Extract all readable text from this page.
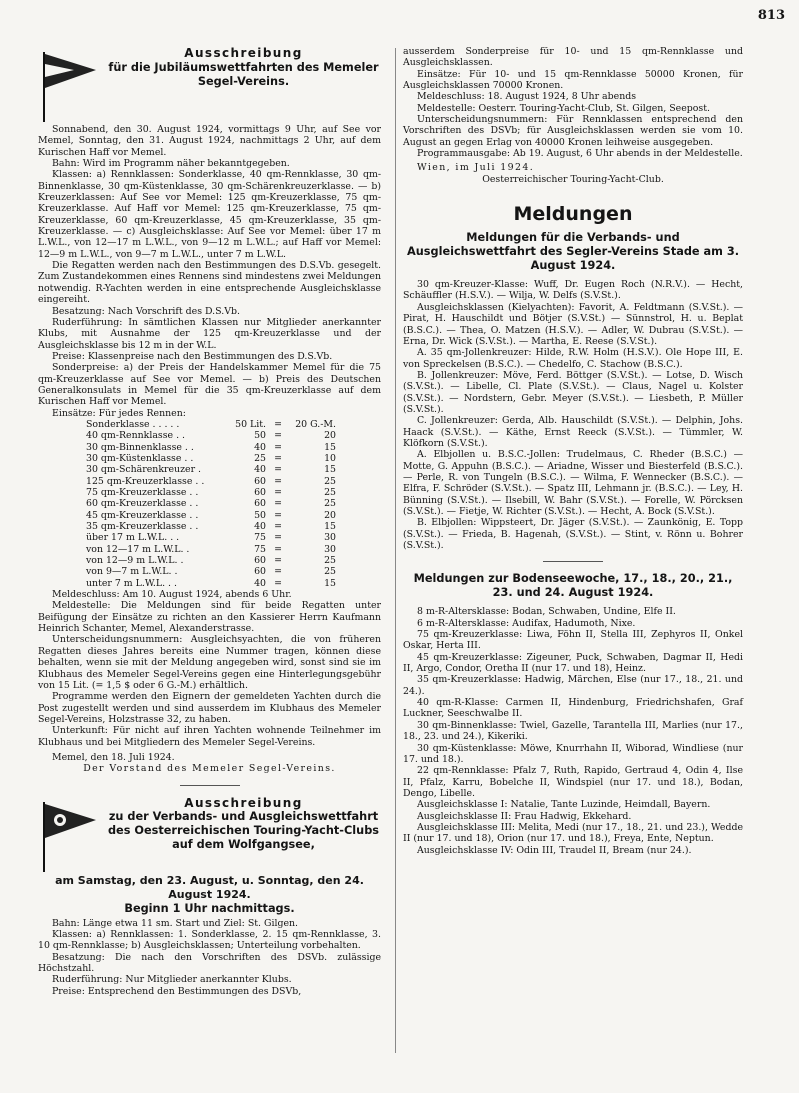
813
Ausschreibung
für die Jubiläumswettfahrten des Memeler Segel-Vereins.

Sonnabend, den 30. August 1924, vormittags 9 Uhr, auf See vor Memel, Sonntag, den 31. August 1924, nachmittags 2 Uhr, auf dem Kurischen Haff vor Memel.

Bahn: Wird im Programm näher bekanntgegeben.

Klassen: a) Rennklassen: Sonderklasse, 40 qm-Rennklasse, 30 qm-Binnenklasse, 30 qm-Küstenklasse, 30 qm-Schärenkreuzerklasse. — b) Kreuzerklassen: Auf See vor Memel: 125 qm-Kreuzerklasse, 75 qm-Kreuzerklasse. Auf Haff vor Memel: 125 qm-Kreuzerklasse, 75 qm-Kreuzerklasse, 60 qm-Kreuzerklasse, 45 qm-Kreuzerklasse, 35 qm-Kreuzerklasse. — c) Ausgleichsklasse: Auf See vor Memel: über 17 m L.W.L., von 12—17 m L.W.L., von 9—12 m L.W.L.; auf Haff vor Memel: 12—9 m L.W.L., von 9—7 m L.W.L., unter 7 m L.W.L.

Die Regatten werden nach den Bestimmungen des D.S.Vb. gesegelt. Zum Zustandekommen eines Rennens sind mindestens zwei Meldungen notwendig. R-Yachten werden in eine entsprechende Ausgleichsklasse eingereiht.

Besatzung: Nach Vorschrift des D.S.Vb.

Ruderführung: In sämtlichen Klassen nur Mitglieder anerkannter Klubs, mit Ausnahme der 125 qm-Kreuzerklasse und der Ausgleichsklasse bis 12 m in der W.L.

Preise: Klassenpreise nach den Bestimmungen des D.S.Vb.

Sonderpreise: a) der Preis der Handelskammer Memel für die 75 qm-Kreuzerklasse auf See vor Memel. — b) Preis des Deutschen Generalkonsulats in Memel für die 35 qm-Kreuzerklasse auf dem Kurischen Haff vor Memel.

Einsätze: Für jedes Rennen:

Sonderklasse . . . . .	50 Lit. =	20 G.-M.
40 qm-Rennklasse . .	50 =	20
30 qm-Binnenklasse . .	40 =	15
30 qm-Küstenklasse . .	25 =	10
30 qm-Schärenkreuzer .	40 =	15
125 qm-Kreuzerklasse . .	60 =	25
75 qm-Kreuzerklasse . .	60 =	25
60 qm-Kreuzerklasse . .	60 =	25
45 qm-Kreuzerklasse . .	50 =	20
35 qm-Kreuzerklasse . .	40 =	15
über 17 m L.W.L. . .	75 =	30
von 12—17 m L.W.L. .	75 =	30
von 12—9 m L.W.L. .	60 =	25
von 9—7 m L.W.L. .	60 =	25
unter 7 m L.W.L. . .	40 =	15

Meldeschluss: Am 10. August 1924, abends 6 Uhr.

Meldestelle: Die Meldungen sind für beide Regatten unter Beifügung der Einsätze zu richten an den Kassierer Herrn Kaufmann Heinrich Schanter, Memel, Alexanderstrasse.

Unterscheidungsnummern: Ausgleichsyachten, die von früheren Regatten dieses Jahres bereits eine Nummer tragen, können diese behalten, wenn sie mit der Meldung angegeben wird, sonst sind sie im Klubhaus des Memeler Segel-Vereins gegen eine Hinterlegungsgebühr von 15 Lit. (= 1,5 $ oder 6 G.-M.) erhältlich.

Programme werden den Eignern der gemeldeten Yachten durch die Post zugestellt werden und sind ausserdem im Klubhaus des Memeler Segel-Vereins, Holzstrasse 32, zu haben.

Unterkunft: Für nicht auf ihren Yachten wohnende Teilnehmer im Klubhaus und bei Mitgliedern des Memeler Segel-Vereins.

Memel, den 18. Juli 1924.

Der Vorstand des Memeler Segel-Vereins.

Ausschreibung
zu der Verbands- und Ausgleichswettfahrt des Oesterreichischen Touring-Yacht-Clubs auf dem Wolfgangsee,
am Samstag, den 23. August, u. Sonntag, den 24. August 1924.
Beginn 1 Uhr nachmittags.

Bahn: Länge etwa 11 sm. Start und Ziel: St. Gilgen.

Klassen: a) Rennklassen: 1. Sonderklasse, 2. 15 qm-Rennklasse, 3. 10 qm-Rennklasse; b) Ausgleichsklassen; Unterteilung vorbehalten.

Besatzung: Die nach den Vorschriften des DSVb. zulässige Höchstzahl.

Ruderführung: Nur Mitglieder anerkannter Klubs.

Preise: Entsprechend den Bestimmungen des DSVb,

ausserdem Sonderpreise für 10- und 15 qm-Rennklasse und Ausgleichsklassen.

Einsätze: Für 10- und 15 qm-Rennklasse 50000 Kronen, für Ausgleichsklassen 70000 Kronen.

Meldeschluss: 18. August 1924, 8 Uhr abends

Meldestelle: Oesterr. Touring-Yacht-Club, St. Gilgen, Seepost.

Unterscheidungsnummern: Für Rennklassen entsprechend den Vorschriften des DSVb; für Ausgleichsklassen werden sie vom 10. August an gegen Erlag von 40000 Kronen leihweise ausgegeben.

Programmausgabe: Ab 19. August, 6 Uhr abends in der Meldestelle.

Wien, im Juli 1924.

Oesterreichischer Touring-Yacht-Club.

Meldungen
Meldungen für die Verbands- und Ausgleichswettfahrt des Segler-Vereins Stade am 3. August 1924.

30 qm-Kreuzer-Klasse: Wuff, Dr. Eugen Roch (N.R.V.). — Hecht, Schäuffler (H.S.V.). — Wilja, W. Delfs (S.V.St.).

Ausgleichsklassen (Kielyachten): Favorit, A. Feldtmann (S.V.St.). — Pirat, H. Hauschildt und Bötjer (S.V.St.) — Sünnstrol, H. u. Beplat (B.S.C.). — Thea, O. Matzen (H.S.V.). — Adler, W. Dubrau (S.V.St.). — Erna, Dr. Wick (S.V.St.). — Martha, E. Reese (S.V.St.).

A. 35 qm-Jollenkreuzer: Hilde, R.W. Holm (H.S.V.). Ole Hope III, E. von Spreckelsen (B.S.C.). — Chedelfo, C. Stachow (B.S.C.).

B. Jollenkreuzer: Möve, Ferd. Böttger (S.V.St.). — Lotse, D. Wisch (S.V.St.). — Libelle, Cl. Plate (S.V.St.). — Claus, Nagel u. Kolster (S.V.St.). — Nordstern, Gebr. Meyer (S.V.St.). — Liesbeth, P. Müller (S.V.St.).

C. Jollenkreuzer: Gerda, Alb. Hauschildt (S.V.St.). — Delphin, Johs. Haack (S.V.St.). — Käthe, Ernst Reeck (S.V.St.). — Tümmler, W. Klöfkorn (S.V.St.).

A. Elbjollen u. B.S.C.-Jollen: Trudelmaus, C. Rheder (B.S.C.) — Motte, G. Appuhn (B.S.C.). — Ariadne, Wisser und Biesterfeld (B.S.C.). — Perle, R. von Tungeln (B.S.C.). — Wilma, F. Wennecker (B.S.C.). — Elfra, F. Schröder (S.V.St.). — Spatz III, Lehmann jr. (B.S.C.). — Ley, H. Bünning (S.V.St.). — Ilsebill, W. Bahr (S.V.St.). — Forelle, W. Pörcksen (S.V.St.). — Fietje, W. Richter (S.V.St.). — Hecht, A. Bock (S.V.St.).

B. Elbjollen: Wippsteert, Dr. Jäger (S.V.St.). — Zaunkönig, E. Topp (S.V.St.). — Frieda, B. Hagenah, (S.V.St.). — Stint, v. Rönn u. Bohrer (S.V.St.).

Meldungen zur Bodenseewoche, 17., 18., 20., 21., 23. und 24. August 1924.

8 m-R-Altersklasse: Bodan, Schwaben, Undine, Elfe II.

6 m-R-Altersklasse: Audifax, Hadumoth, Nixe.

75 qm-Kreuzerklasse: Liwa, Föhn II, Stella III, Zephyros II, Onkel Oskar, Herta III.

45 qm-Kreuzerklasse: Zigeuner, Puck, Schwaben, Dagmar II, Hedi II, Argo, Condor, Oretha II (nur 17. und 18), Heinz.

35 qm-Kreuzerklasse: Hadwig, Märchen, Else (nur 17., 18., 21. und 24.).

40 qm-R-Klasse: Carmen II, Hindenburg, Friedrichshafen, Graf Luckner, Seeschwalbe II.

30 qm-Binnenklasse: Twiel, Gazelle, Tarantella III, Marlies (nur 17., 18., 23. und 24.), Kikeriki.

30 qm-Küstenklasse: Möwe, Knurrhahn II, Wiborad, Windliese (nur 17. und 18.).

22 qm-Rennklasse: Pfalz 7, Ruth, Rapido, Gertraud 4, Odin 4, Ilse II, Pfalz, Karru, Bobelche II, Windspiel (nur 17. und 18.), Bodan, Dengo, Libelle.

Ausgleichsklasse I: Natalie, Tante Luzinde, Heimdall, Bayern.

Ausgleichsklasse II: Frau Hadwig, Ekkehard.

Ausgleichsklasse III: Melita, Medi (nur 17., 18., 21. und 23.), Wedde II (nur 17. und 18), Orion (nur 17. und 18.), Freya, Ente, Neptun.

Ausgleichsklasse IV: Odin III, Traudel II, Bream (nur 24.).
